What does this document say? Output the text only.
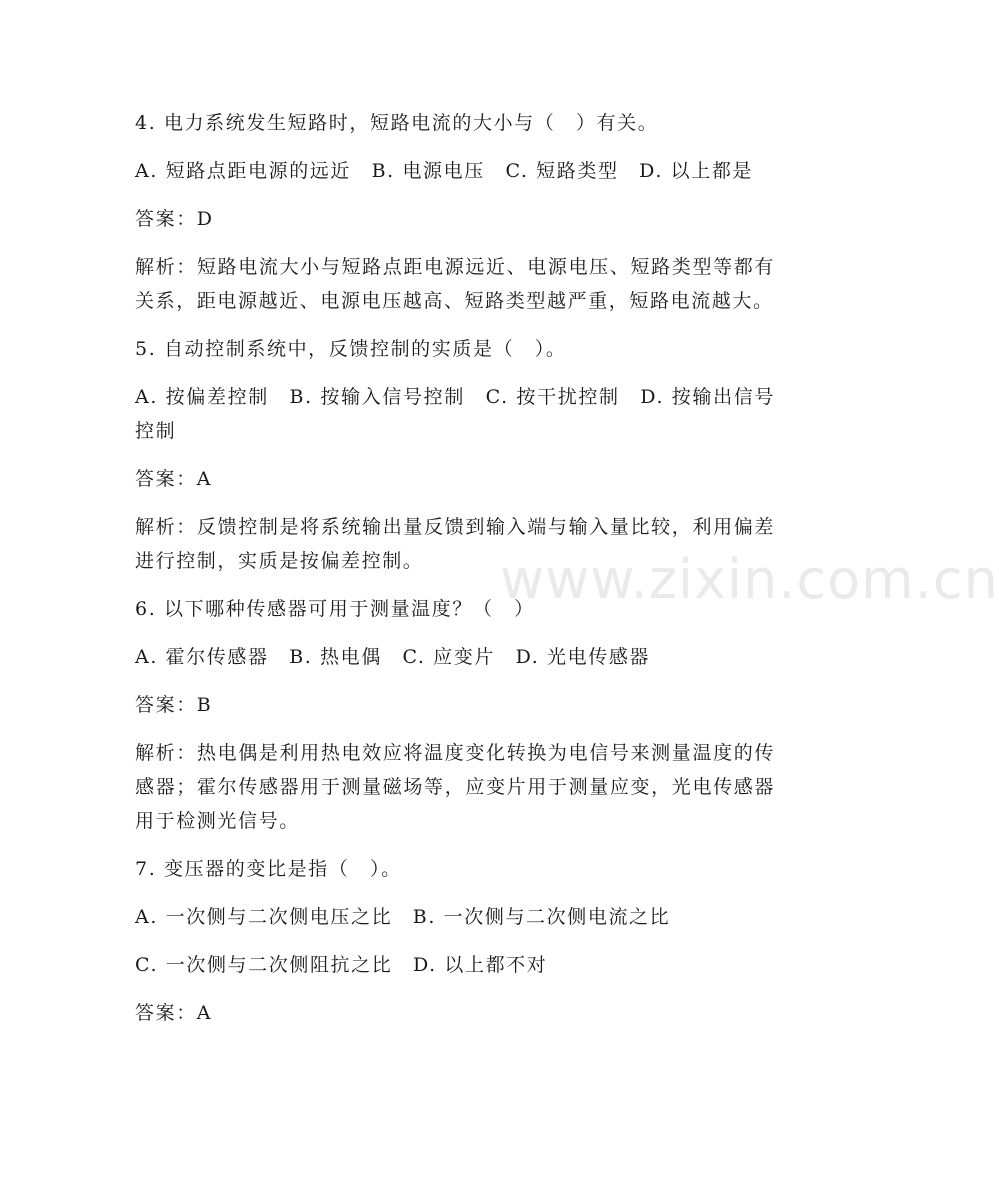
www.zixin.com.cn
4. 电力系统发生短路时，短路电流的大小与（　）有关。
A. 短路点距电源的远近　B. 电源电压　C. 短路类型　D. 以上都是
答案：D
解析：短路电流大小与短路点距电源远近、电源电压、短路类型等都有关系，距电源越近、电源电压越高、短路类型越严重，短路电流越大。
5. 自动控制系统中，反馈控制的实质是（　）。
A. 按偏差控制　B. 按输入信号控制　C. 按干扰控制　D. 按输出信号控制
答案：A
解析：反馈控制是将系统输出量反馈到输入端与输入量比较，利用偏差进行控制，实质是按偏差控制。
6. 以下哪种传感器可用于测量温度？（　）
A. 霍尔传感器　B. 热电偶　C. 应变片　D. 光电传感器
答案：B
解析：热电偶是利用热电效应将温度变化转换为电信号来测量温度的传感器；霍尔传感器用于测量磁场等，应变片用于测量应变，光电传感器用于检测光信号。
7. 变压器的变比是指（　）。
A. 一次侧与二次侧电压之比　B. 一次侧与二次侧电流之比
C. 一次侧与二次侧阻抗之比　D. 以上都不对
答案：A
